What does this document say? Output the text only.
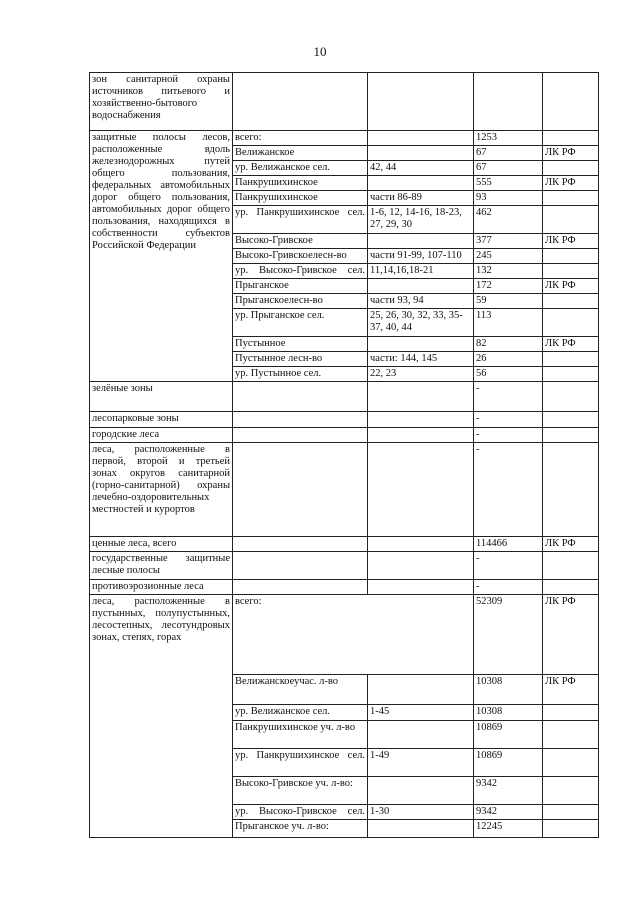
10
зон санитарной охраны источников питьевого и хозяйственно-бытового водоснабжения				
защитные полосы лесов, расположенные вдоль железнодорожных путей общего пользования, федеральных автомобильных дорог общего пользования, автомобильных дорог общего пользования, находящихся в собственности субъектов Российской Федерации	всего:		1253	
	Велижанское		67	ЛК РФ
	ур. Велижанское сел.	42, 44	67	
	Панкрушихинское		555	ЛК РФ
	Панкрушихинское	части 86-89	93	
	ур. Панкрушихинское сел.	1-6, 12, 14-16, 18-23, 27, 29, 30	462	
	Высоко-Гривское		377	ЛК РФ
	Высоко-Гривскоелесн-во	части 91-99, 107-110	245	
	ур. Высоко-Гривское сел.	11,14,16,18-21	132	
	Прыганское		172	ЛК РФ
	Прыганскоелесн-во	части 93, 94	59	
	ур. Прыганское сел.	25, 26, 30, 32, 33, 35-37, 40, 44	113	
	Пустынное		82	ЛК РФ
	Пустынное лесн-во	части: 144, 145	26	
	ур. Пустынное сел.	22, 23	56	
зелёные зоны			-	
лесопарковые зоны			-	
городские леса			-	
леса, расположенные в первой, второй и третьей зонах округов санитарной (горно-санитарной) охраны лечебно-оздоровительных местностей и курортов			-	
ценные леса, всего			114466	ЛК РФ
государственные защитные лесные полосы			-	
противоэрозионные леса			-	
леса, расположенные в пустынных, полупустынных, лесостепных, лесотундровых зонах, степях, горах	всего:		52309	ЛК РФ
	Велижанскоеучас. л-во		10308	ЛК РФ
	ур. Велижанское сел.	1-45	10308	
	Панкрушихинское уч. л-во		10869	
	ур. Панкрушихинское сел.	1-49	10869	
	Высоко-Гривское уч. л-во:		9342	
	ур. Высоко-Гривское сел.	1-30	9342	
	Прыганское уч. л-во:		12245	
